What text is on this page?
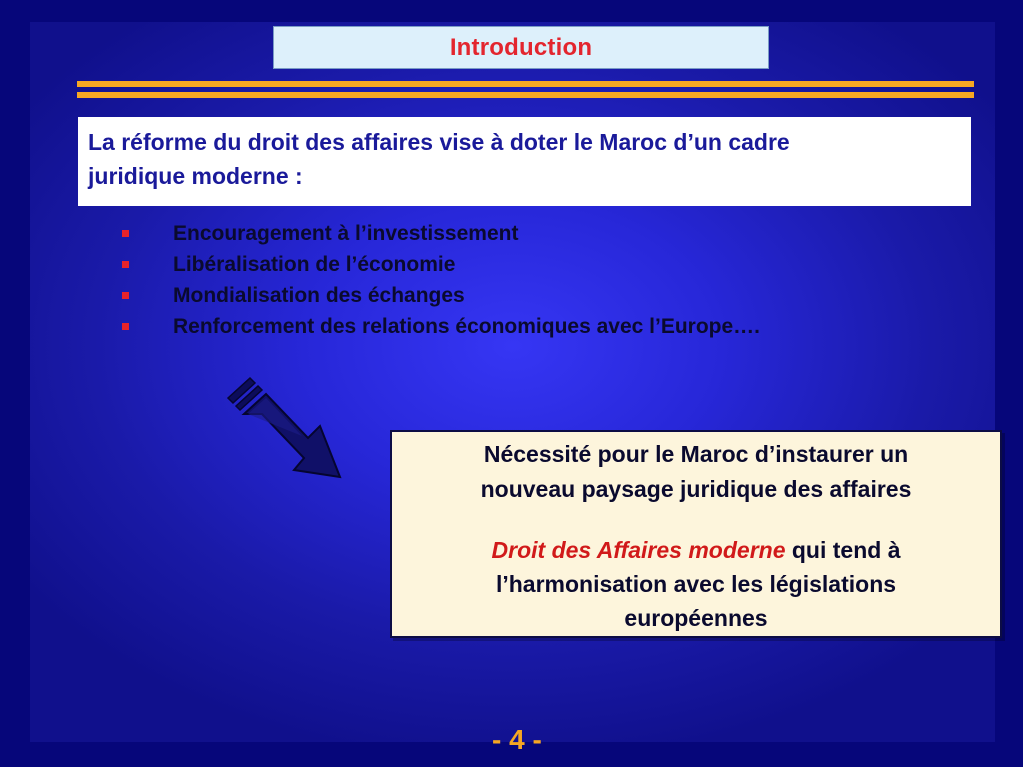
Introduction
La réforme du droit des affaires vise à doter le Maroc d’un cadre
juridique moderne :
Encouragement à l’investissement
Libéralisation de l’économie
Mondialisation des échanges
Renforcement des relations économiques avec l’Europe….
Nécessité pour le Maroc d’instaurer un
nouveau paysage juridique des affaires
Droit des Affaires moderne qui tend à
l’harmonisation avec les législations
européennes
- 4 -
